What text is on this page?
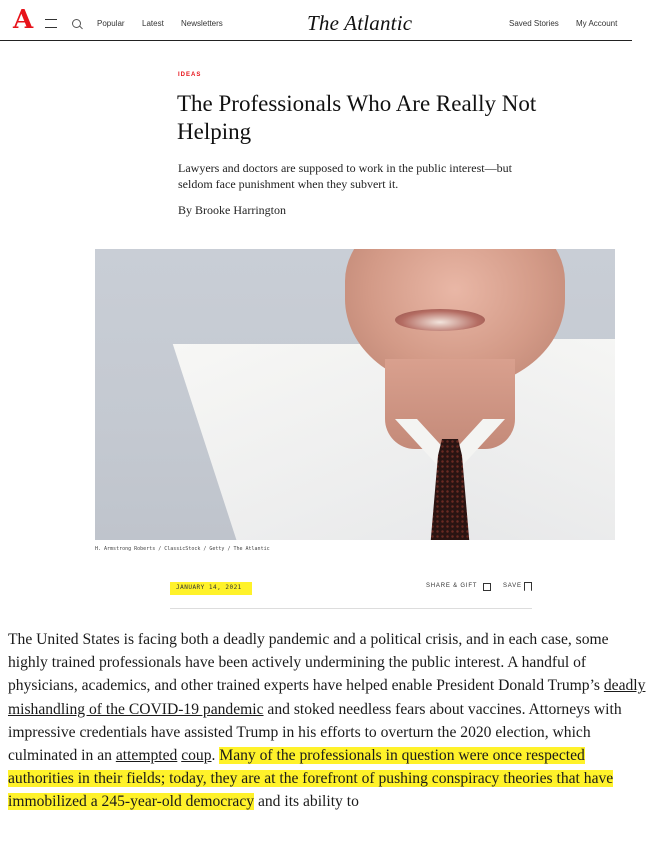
A	Popular Latest Newsletters	The Atlantic	Saved Stories My Account
IDEAS
The Professionals Who Are Really Not Helping
Lawyers and doctors are supposed to work in the public interest—but seldom face punishment when they subvert it.
By Brooke Harrington
H. Armstrong Roberts / ClassicStock / Getty / The Atlantic
JANUARY 14, 2021	SHARE & GIFT	SAVE

The United States is facing both a deadly pandemic and a political crisis, and in each case, some highly trained professionals have been actively undermining the public interest. A handful of physicians, academics, and other trained experts have helped enable President Donald Trump’s deadly mishandling of the COVID-19 pandemic and stoked needless fears about vaccines. Attorneys with impressive credentials have assisted Trump in his efforts to overturn the 2020 election, which culminated in an attempted coup. Many of the professionals in question were once respected authorities in their fields; today, they are at the forefront of pushing conspiracy theories that have immobilized a 245-year-old democracy and its ability to
